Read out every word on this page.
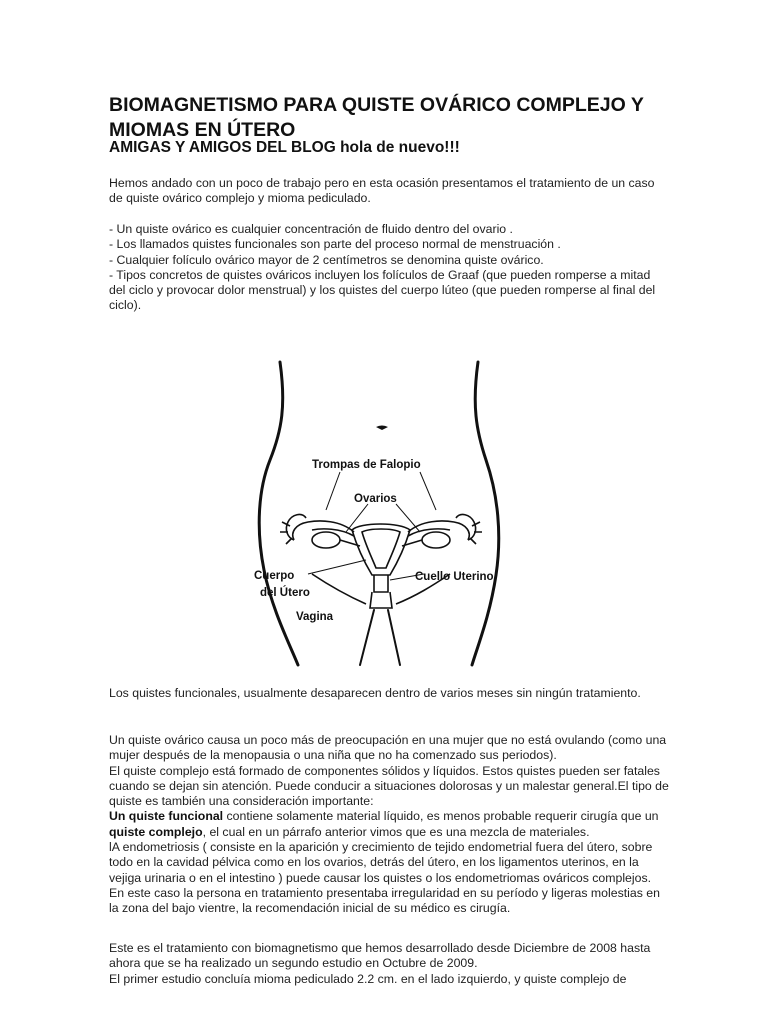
BIOMAGNETISMO PARA QUISTE OVÁRICO COMPLEJO Y MIOMAS EN ÚTERO
AMIGAS Y AMIGOS DEL BLOG hola de nuevo!!!

Hemos andado con un poco de trabajo pero en esta ocasión presentamos el tratamiento de un caso de quiste ovárico complejo y mioma pediculado.

- Un quiste ovárico es cualquier concentración de fluido dentro del ovario .

- Los llamados quistes funcionales son parte del proceso normal de menstruación .

- Cualquier folículo ovárico mayor de 2 centímetros se denomina quiste ovárico.

- Tipos concretos de quistes ováricos incluyen los folículos de Graaf (que pueden romperse a mitad del ciclo y provocar dolor menstrual) y los quistes del cuerpo lúteo (que pueden romperse al final del ciclo).

Trompas de Falopio
Ovarios
Cuerpo
del Útero
Cuello Uterino
Vagina

Los quistes funcionales, usualmente desaparecen dentro de varios meses sin ningún tratamiento.

Un quiste ovárico causa un poco más de preocupación en una mujer que no está ovulando (como una mujer después de la menopausia o una niña que no ha comenzado sus periodos).

El quiste complejo está formado de componentes sólidos y líquidos. Estos quistes pueden ser fatales cuando se dejan sin atención. Puede conducir a situaciones dolorosas y un malestar general.El tipo de quiste es también una consideración importante:

Un quiste funcional contiene solamente material líquido, es menos probable requerir cirugía que un quiste complejo, el cual en un párrafo anterior vimos que es una mezcla de materiales.

lA endometriosis ( consiste en la aparición y crecimiento de tejido endometrial fuera del útero, sobre todo en la cavidad pélvica como en los ovarios, detrás del útero, en los ligamentos uterinos, en la vejiga urinaria o en el intestino ) puede causar los quistes o los endometriomas ováricos complejos.

En este caso la persona en tratamiento presentaba irregularidad en su período y ligeras molestias en la zona del bajo vientre, la recomendación inicial de su médico es cirugía.

Este es el tratamiento con biomagnetismo que hemos desarrollado desde Diciembre de 2008 hasta ahora que se ha realizado un segundo estudio en Octubre de 2009.

El primer estudio concluía mioma pediculado 2.2 cm. en el lado izquierdo, y quiste complejo de
